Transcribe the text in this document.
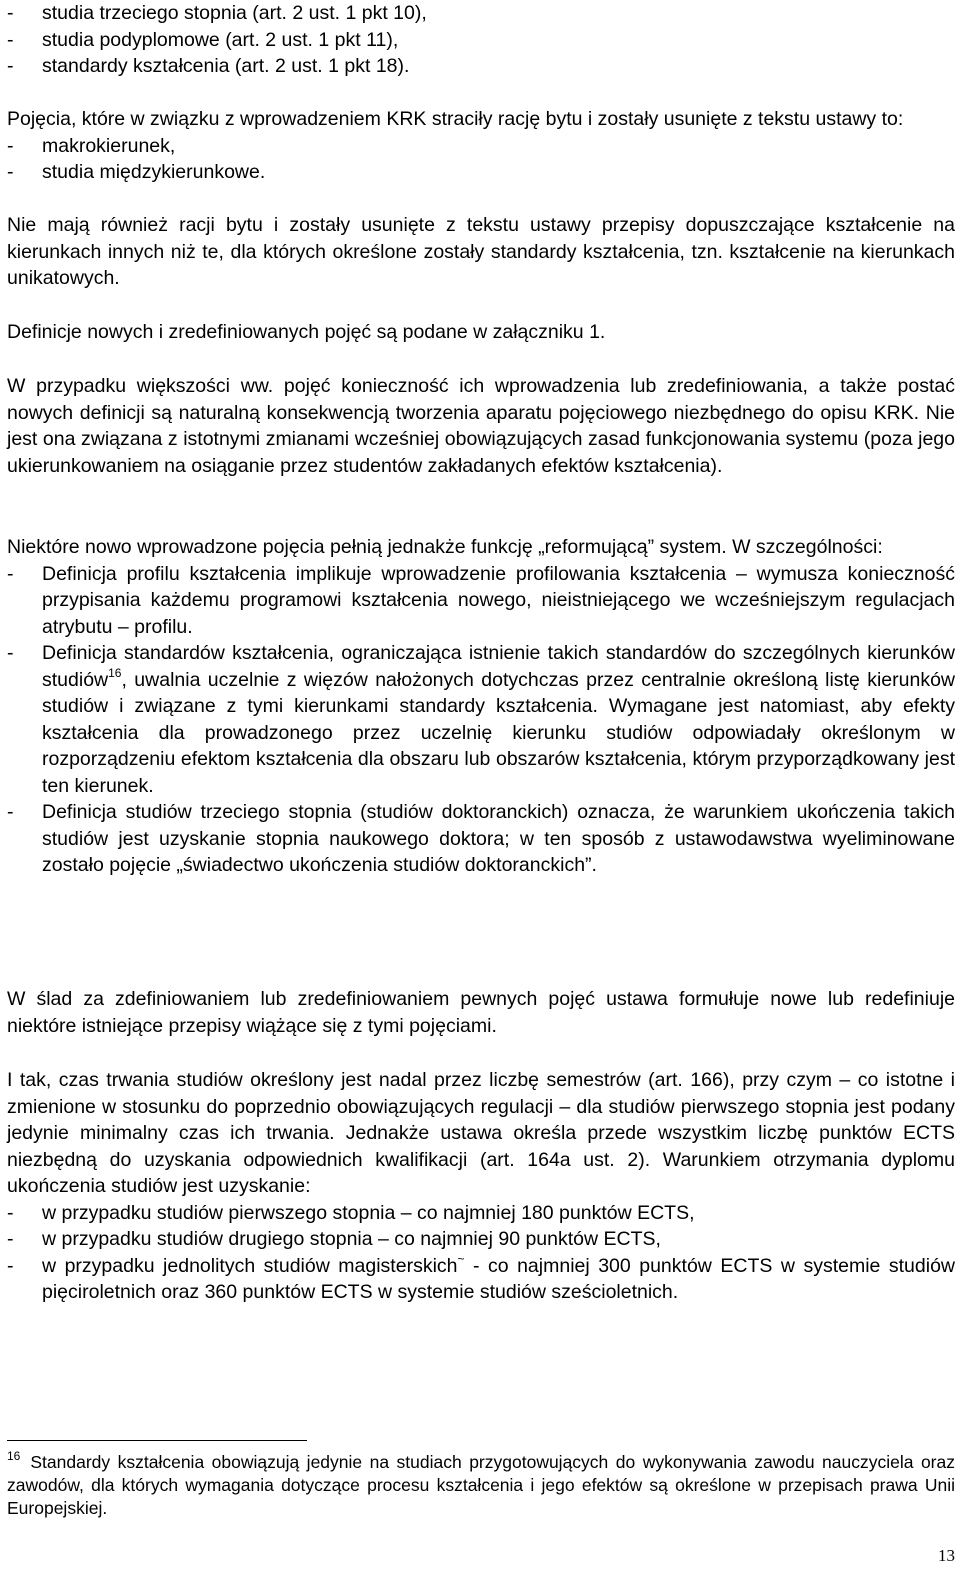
- studia trzeciego stopnia (art. 2 ust. 1 pkt 10),
- studia podyplomowe (art. 2 ust. 1 pkt 11),
- standardy kształcenia (art. 2 ust. 1 pkt 18).
Pojęcia, które w związku z wprowadzeniem KRK straciły rację bytu i zostały usunięte z tekstu ustawy to:
- makrokierunek,
- studia międzykierunkowe.

Nie mają również racji bytu i zostały usunięte z tekstu ustawy przepisy dopuszczające kształcenie na kierunkach innych niż te, dla których określone zostały standardy kształcenia, tzn. kształcenie na kierunkach unikatowych.

Definicje nowych i zredefiniowanych pojęć są podane w załączniku 1.

W przypadku większości ww. pojęć konieczność ich wprowadzenia lub zredefiniowania, a także postać nowych definicji są naturalną konsekwencją tworzenia aparatu pojęciowego niezbędnego do opisu KRK. Nie jest ona związana z istotnymi zmianami wcześniej obowiązujących zasad funkcjonowania systemu (poza jego ukierunkowaniem na osiąganie przez studentów zakładanych efektów kształcenia).

Niektóre nowo wprowadzone pojęcia pełnią jednakże funkcję „reformującą” system. W szczególności:
- Definicja profilu kształcenia implikuje wprowadzenie profilowania kształcenia – wymusza konieczność przypisania każdemu programowi kształcenia nowego, nieistniejącego we wcześniejszym regulacjach atrybutu – profilu.
- Definicja standardów kształcenia, ograniczająca istnienie takich standardów do szczególnych kierunków studiów$^{16}$, uwalnia uczelnie z więzów nałożonych dotychczas przez centralnie określoną listę kierunków studiów i związane z tymi kierunkami standardy kształcenia. Wymagane jest natomiast, aby efekty kształcenia dla prowadzonego przez uczelnię kierunku studiów odpowiadały określonym w rozporządzeniu efektom kształcenia dla obszaru lub obszarów kształcenia, którym przyporządkowany jest ten kierunek.
- Definicja studiów trzeciego stopnia (studiów doktoranckich) oznacza, że warunkiem ukończenia takich studiów jest uzyskanie stopnia naukowego doktora; w ten sposób z ustawodawstwa wyeliminowane zostało pojęcie „świadectwo ukończenia studiów doktoranckich”.

W ślad za zdefiniowaniem lub zredefiniowaniem pewnych pojęć ustawa formułuje nowe lub redefiniuje niektóre istniejące przepisy wiążące się z tymi pojęciami.

I tak, czas trwania studiów określony jest nadal przez liczbę semestrów (art. 166), przy czym – co istotne i zmienione w stosunku do poprzednio obowiązujących regulacji – dla studiów pierwszego stopnia jest podany jedynie minimalny czas ich trwania. Jednakże ustawa określa przede wszystkim liczbę punktów ECTS niezbędną do uzyskania odpowiednich kwalifikacji (art. 164a ust. 2). Warunkiem otrzymania dyplomu ukończenia studiów jest uzyskanie:
- w przypadku studiów pierwszego stopnia – co najmniej 180 punktów ECTS,
- w przypadku studiów drugiego stopnia – co najmniej 90 punktów ECTS,
- w przypadku jednolitych studiów magisterskich~ - co najmniej 300 punktów ECTS w systemie studiów pięciroletnich oraz 360 punktów ECTS w systemie studiów sześcioletnich.

$^{16}$ Standardy kształcenia obowiązują jedynie na studiach przygotowujących do wykonywania zawodu nauczyciela oraz zawodów, dla których wymagania dotyczące procesu kształcenia i jego efektów są określone w przepisach prawa Unii Europejskiej.

13
